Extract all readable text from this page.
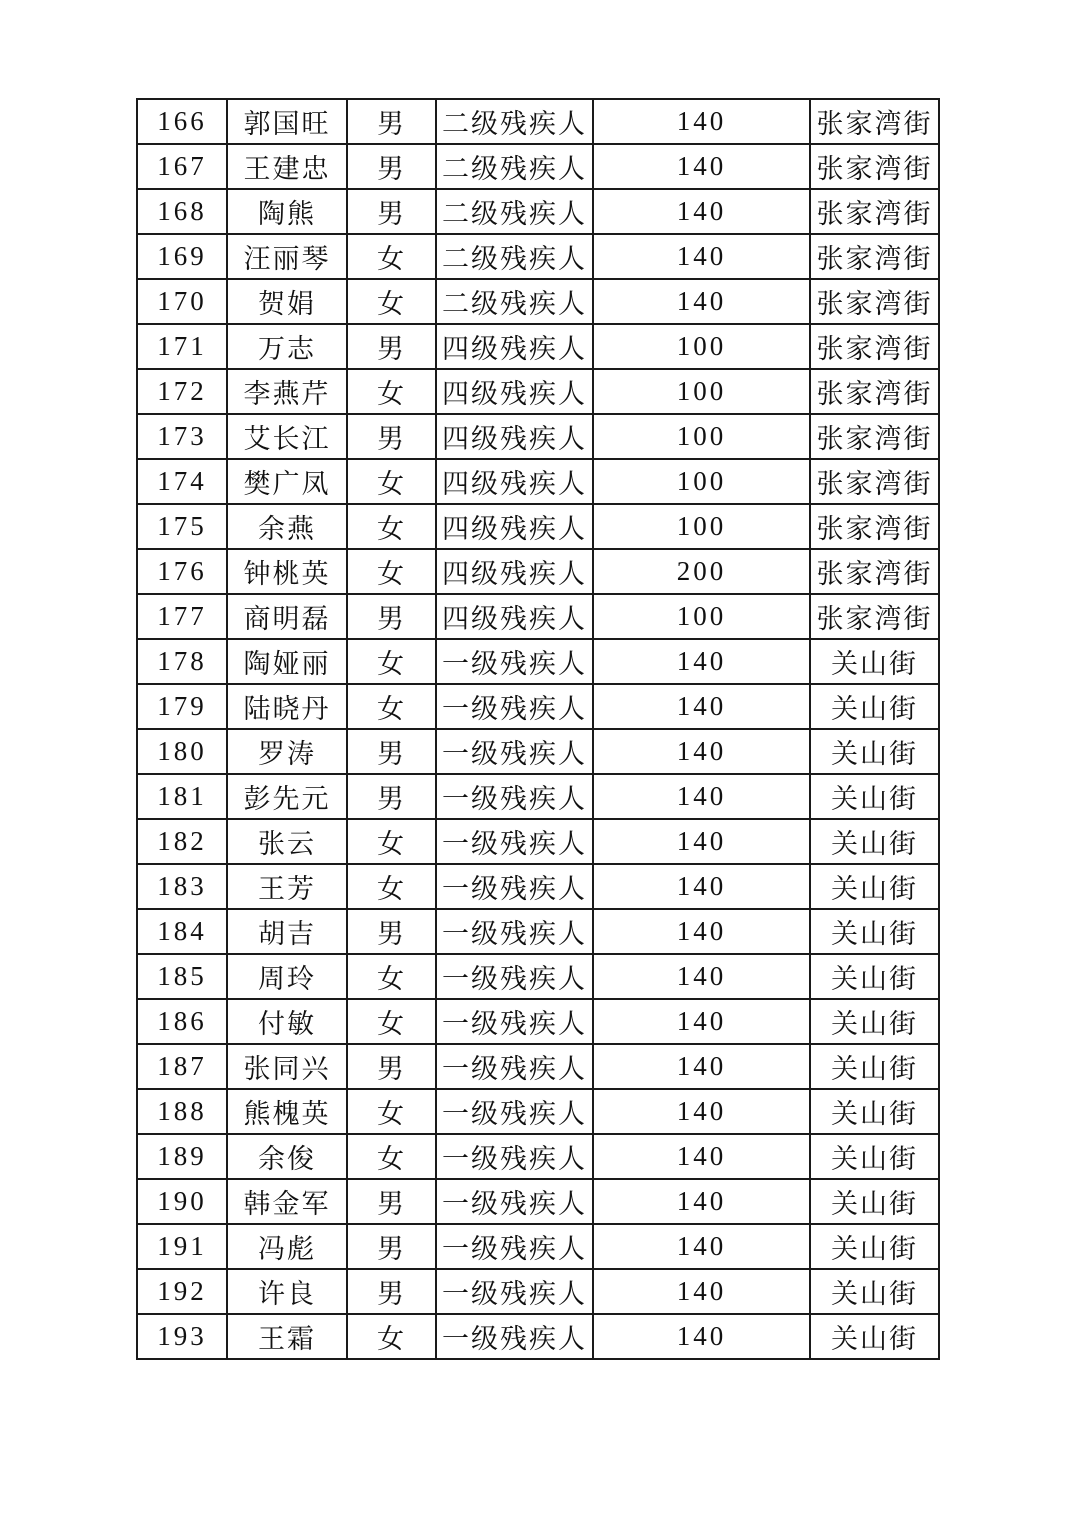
166	郭国旺	男	二级残疾人	140	张家湾街
167	王建忠	男	二级残疾人	140	张家湾街
168	陶熊	男	二级残疾人	140	张家湾街
169	汪丽琴	女	二级残疾人	140	张家湾街
170	贺娟	女	二级残疾人	140	张家湾街
171	万志	男	四级残疾人	100	张家湾街
172	李燕芹	女	四级残疾人	100	张家湾街
173	艾长江	男	四级残疾人	100	张家湾街
174	樊广凤	女	四级残疾人	100	张家湾街
175	余燕	女	四级残疾人	100	张家湾街
176	钟桃英	女	四级残疾人	200	张家湾街
177	商明磊	男	四级残疾人	100	张家湾街
178	陶娅丽	女	一级残疾人	140	关山街
179	陆晓丹	女	一级残疾人	140	关山街
180	罗涛	男	一级残疾人	140	关山街
181	彭先元	男	一级残疾人	140	关山街
182	张云	女	一级残疾人	140	关山街
183	王芳	女	一级残疾人	140	关山街
184	胡吉	男	一级残疾人	140	关山街
185	周玲	女	一级残疾人	140	关山街
186	付敏	女	一级残疾人	140	关山街
187	张同兴	男	一级残疾人	140	关山街
188	熊槐英	女	一级残疾人	140	关山街
189	余俊	女	一级残疾人	140	关山街
190	韩金军	男	一级残疾人	140	关山街
191	冯彪	男	一级残疾人	140	关山街
192	许良	男	一级残疾人	140	关山街
193	王霜	女	一级残疾人	140	关山街
